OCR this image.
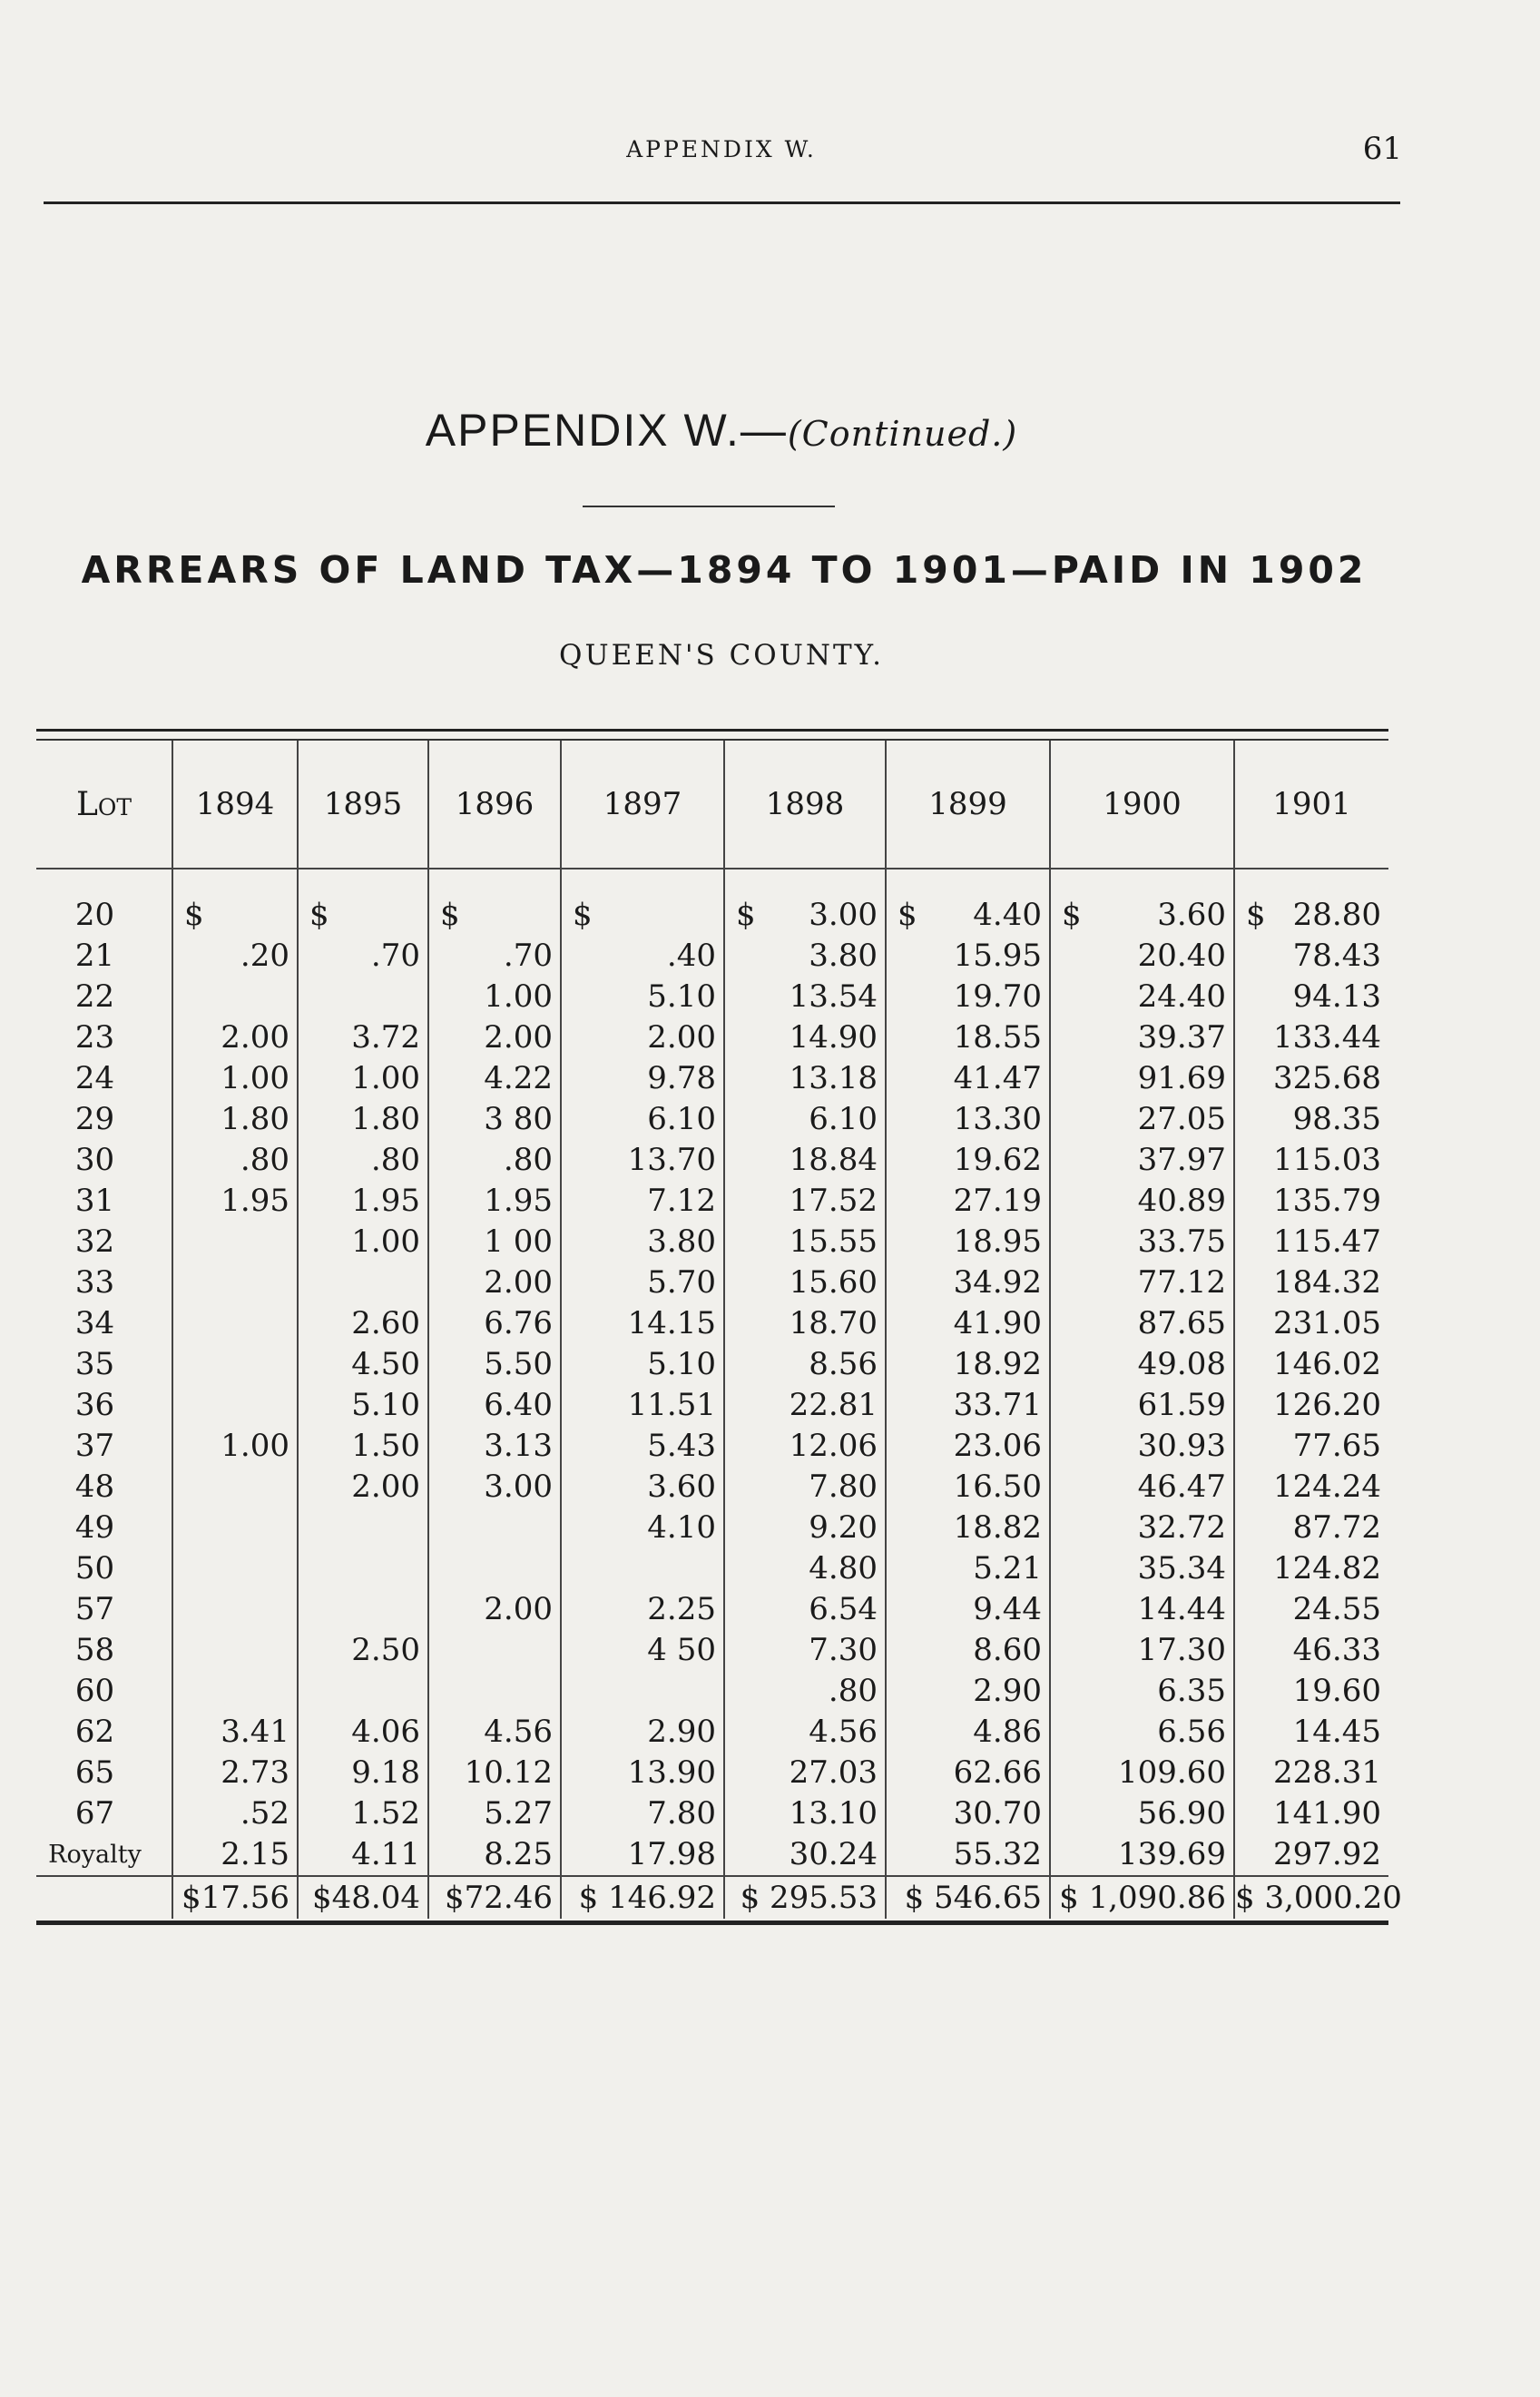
APPENDIX W.	61
APPENDIX W.—(Continued.)
ARREARS OF LAND TAX—1894 TO 1901—PAID IN 1902
QUEEN'S COUNTY.
Lot	1894	1895	1896	1897	1898	1899	1900	1901

20	$	$	$	$	$ 3.00	$ 4.40	$ 3.60	$ 28.80
21	.20	.70	.70	.40	3.80	15.95	20.40	78.43
22			1.00	5.10	13.54	19.70	24.40	94.13
23	2.00	3.72	2.00	2.00	14.90	18.55	39.37	133.44
24	1.00	1.00	4.22	9.78	13.18	41.47	91.69	325.68
29	1.80	1.80	3 80	6.10	6.10	13.30	27.05	98.35
30	.80	.80	.80	13.70	18.84	19.62	37.97	115.03
31	1.95	1.95	1.95	7.12	17.52	27.19	40.89	135.79
32		1.00	1 00	3.80	15.55	18.95	33.75	115.47
33			2.00	5.70	15.60	34.92	77.12	184.32
34		2.60	6.76	14.15	18.70	41.90	87.65	231.05
35		4.50	5.50	5.10	8.56	18.92	49.08	146.02
36		5.10	6.40	11.51	22.81	33.71	61.59	126.20
37	1.00	1.50	3.13	5.43	12.06	23.06	30.93	77.65
48		2.00	3.00	3.60	7.80	16.50	46.47	124.24
49				4.10	9.20	18.82	32.72	87.72
50					4.80	5.21	35.34	124.82
57			2.00	2.25	6.54	9.44	14.44	24.55
58		2.50		4 50	7.30	8.60	17.30	46.33
60					.80	2.90	6.35	19.60
62	3.41	4.06	4.56	2.90	4.56	4.86	6.56	14.45
65	2.73	9.18	10.12	13.90	27.03	62.66	109.60	228.31
67	.52	1.52	5.27	7.80	13.10	30.70	56.90	141.90
Royalty	2.15	4.11	8.25	17.98	30.24	55.32	139.69	297.92
	$17.56	$48.04	$72.46	$ 146.92	$ 295.53	$ 546.65	$ 1,090.86	$ 3,000.20
